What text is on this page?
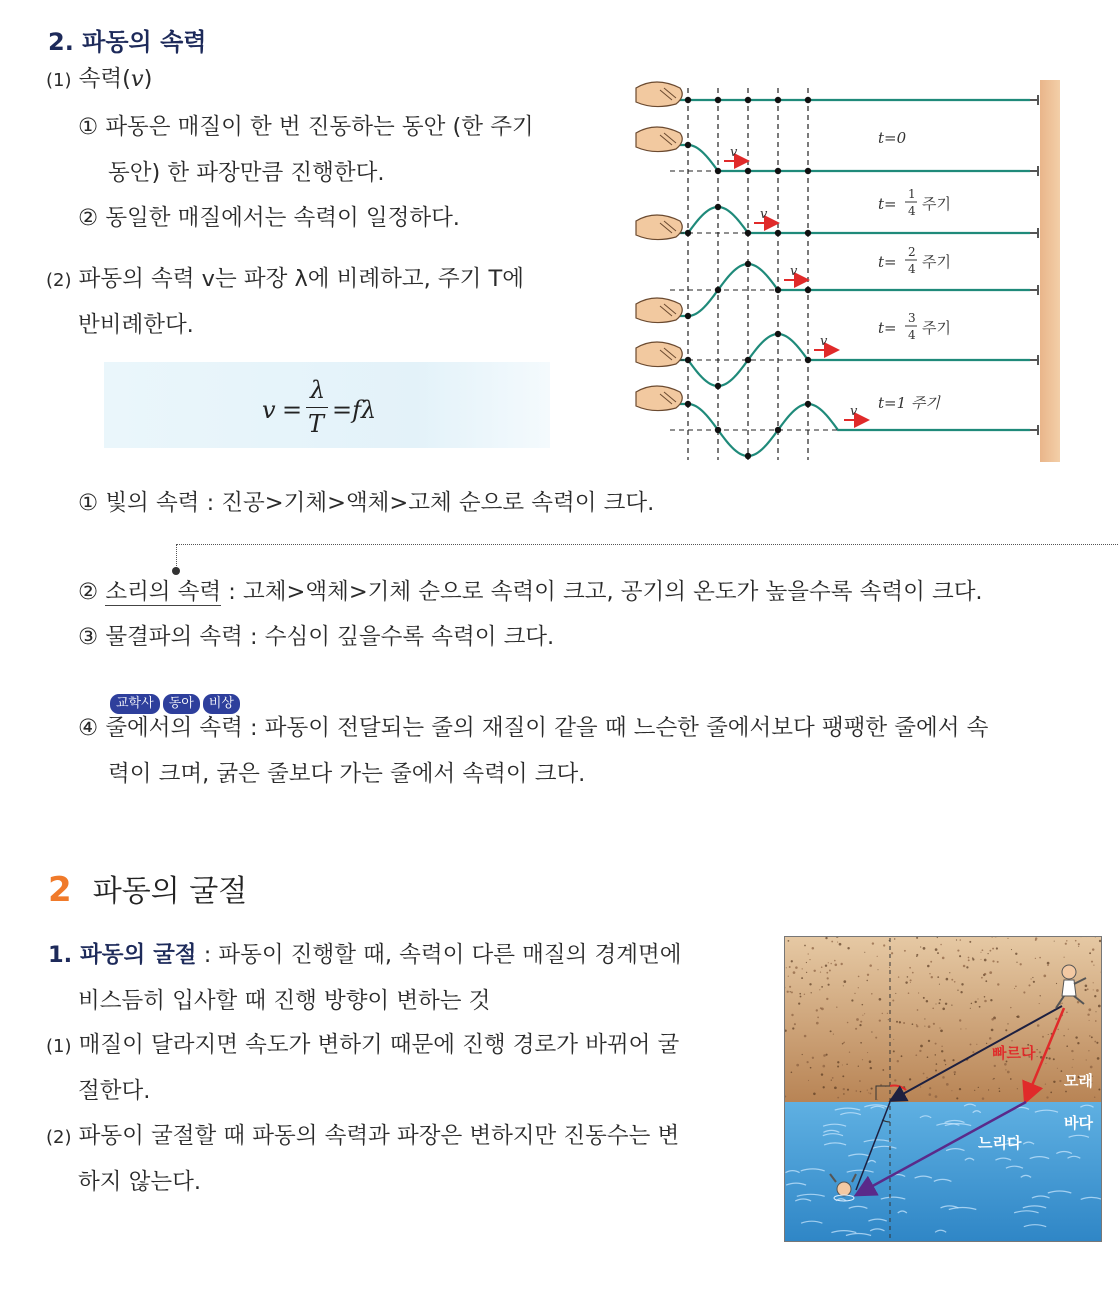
2. 파동의 속력
(1) 속력(v)
① 파동은 매질이 한 번 진동하는 동안 (한 주기
동안) 한 파장만큼 진행한다.
② 동일한 매질에서는 속력이 일정하다.
(2) 파동의 속력 v는 파장 λ에 비례하고, 주기 T에
반비례한다.
v =
λ
T =fλ
v
v
v
v
v
t=0
t=
1
4 주기
t=
2
4 주기
t=
3
4 주기
t=1 주기
① 빛의 속력 : 진공>기체>액체>고체 순으로 속력이 크다.
② 소리의 속력 : 고체>액체>기체 순으로 속력이 크고, 공기의 온도가 높을수록 속력이 크다.
③ 물결파의 속력 : 수심이 깊을수록 속력이 크다.
교학사 동아 비상
④ 줄에서의 속력 : 파동이 전달되는 줄의 재질이 같을 때 느슨한 줄에서보다 팽팽한 줄에서 속
력이 크며, 굵은 줄보다 가는 줄에서 속력이 크다.
2 파동의 굴절
1. 파동의 굴절 : 파동이 진행할 때, 속력이 다른 매질의 경계면에
비스듬히 입사할 때 진행 방향이 변하는 것
(1) 매질이 달라지면 속도가 변하기 때문에 진행 경로가 바뀌어 굴
절한다.
(2) 파동이 굴절할 때 파동의 속력과 파장은 변하지만 진동수는 변
하지 않는다.
빠르다
느리다
모래
바다
